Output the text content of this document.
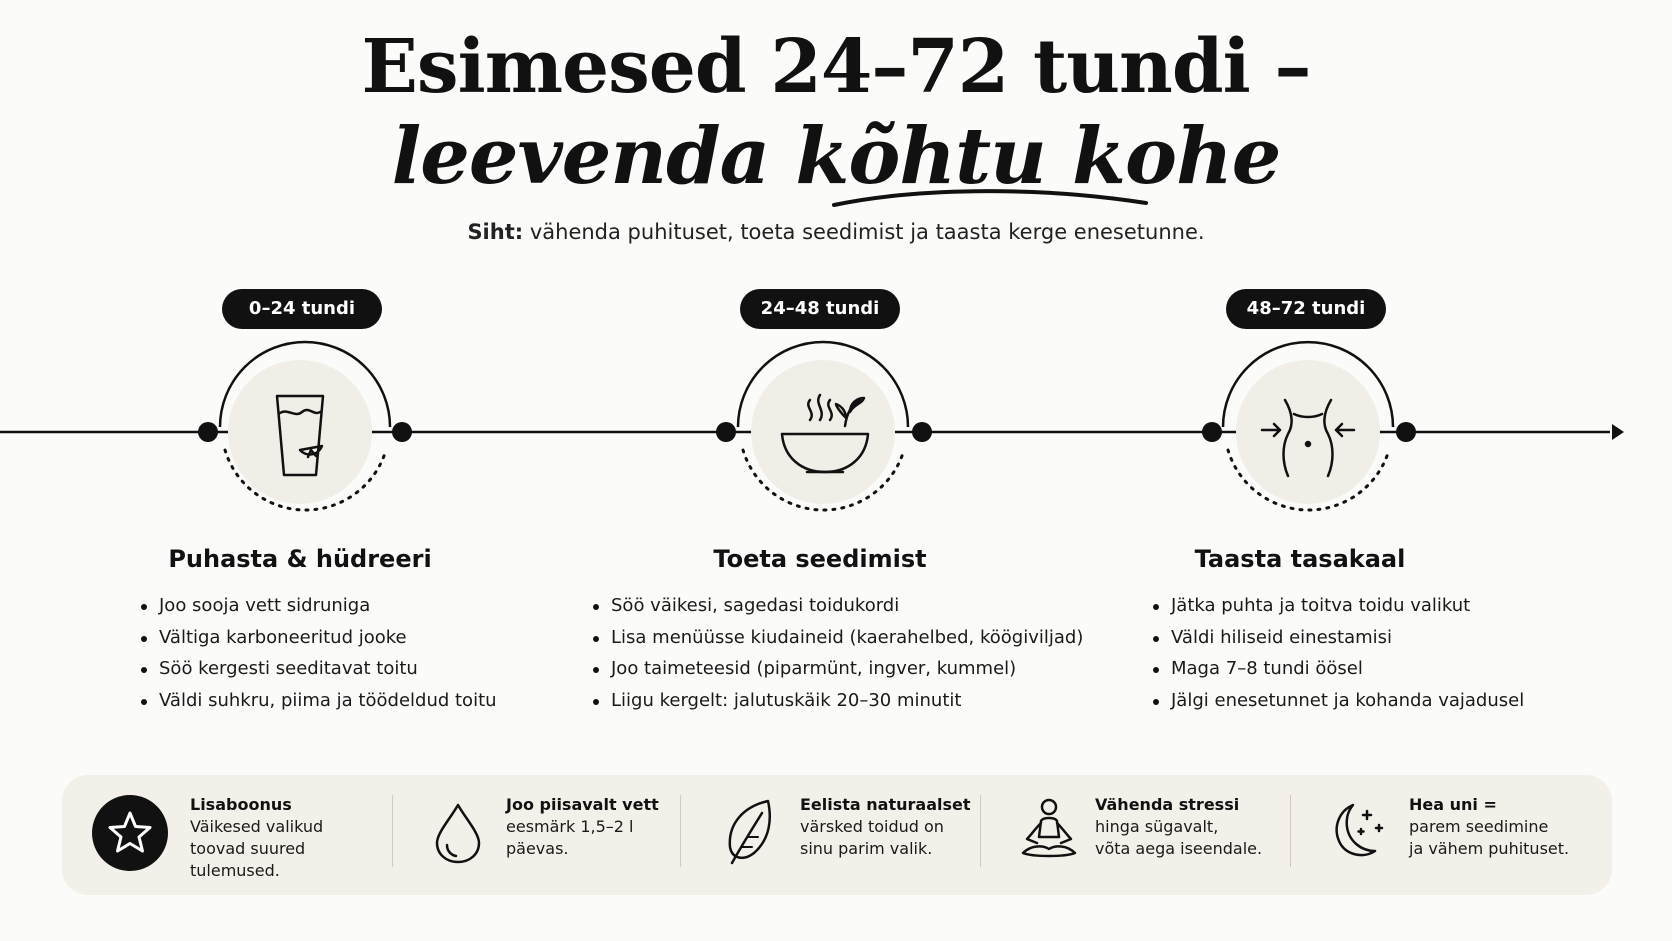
Esimesed 24–72 tundi –
leevenda kõhtu kohe
Siht: vähenda puhituset, toeta seedimist ja taasta kerge enesetunne.
0–24 tundi	24–48 tundi	48–72 tundi
Puhasta & hüdreeri	Toeta seedimist	Taasta tasakaal
Joo sooja vett sidruniga
Vältiga karboneeritud jooke
Söö kergesti seeditavat toitu
Väldi suhkru, piima ja töödeldud toitu
Söö väikesi, sagedasi toidukordi
Lisa menüüsse kiudaineid (kaerahelbed, köögiviljad)
Joo taimeteesid (piparmünt, ingver, kummel)
Liigu kergelt: jalutuskäik 20–30 minutit
Jätka puhta ja toitva toidu valikut
Väldi hiliseid einestamisi
Maga 7–8 tundi öösel
Jälgi enesetunnet ja kohanda vajadusel
Lisaboonus
Väikesed valikud
toovad suured
tulemused.
Joo piisavalt vett
eesmärk 1,5–2 l
päevas.
Eelista naturaalset
värsked toidud on
sinu parim valik.
Vähenda stressi
hinga sügavalt,
võta aega iseendale.
Hea uni =
parem seedimine
ja vähem puhituset.
